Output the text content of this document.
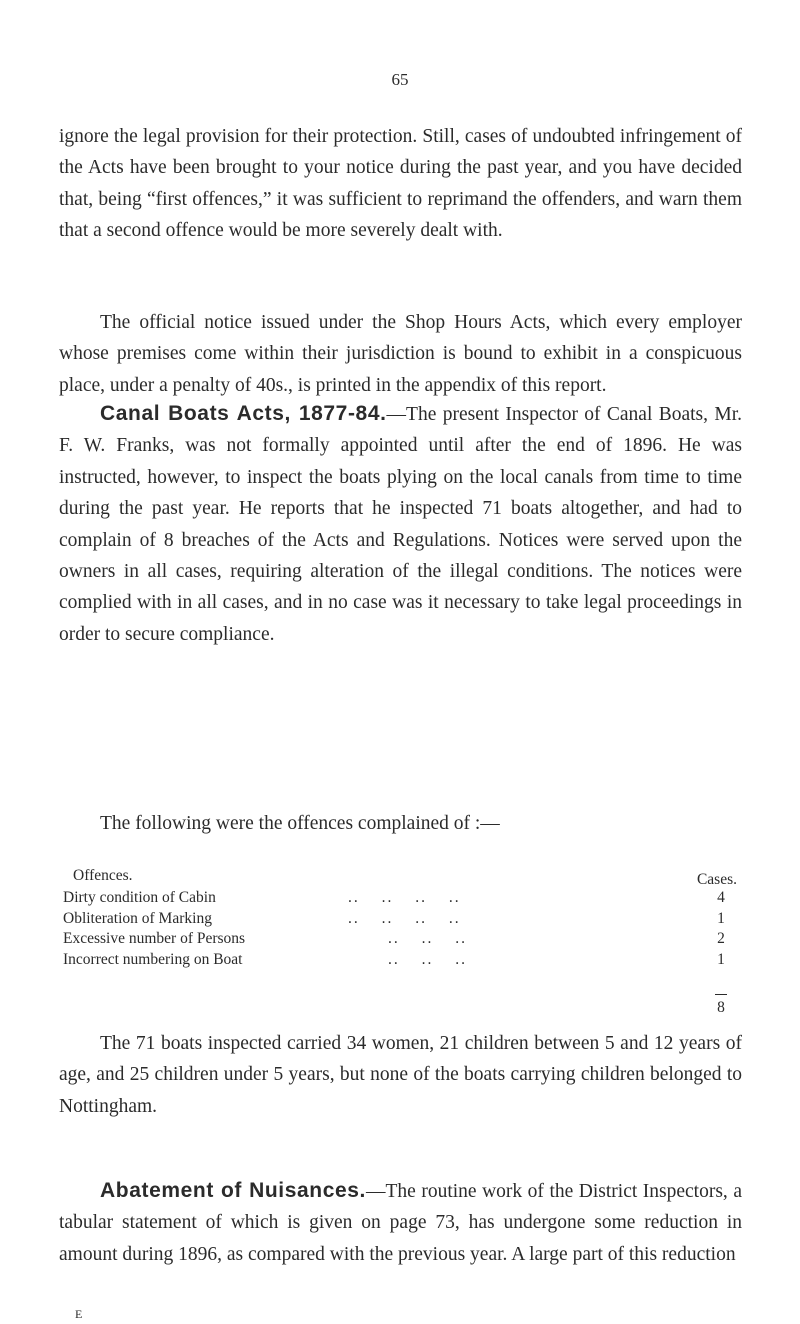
65

ignore the legal provision for their protection. Still, cases of undoubted infringement of the Acts have been brought to your notice during the past year, and you have decided that, being “first offences,” it was sufficient to reprimand the offenders, and warn them that a second offence would be more severely dealt with.

The official notice issued under the Shop Hours Acts, which every employer whose premises come within their jurisdiction is bound to exhibit in a conspicuous place, under a penalty of 40s., is printed in the appendix of this report.

Canal Boats Acts, 1877-84.—The present Inspector of Canal Boats, Mr. F. W. Franks, was not formally appointed until after the end of 1896. He was instructed, however, to inspect the boats plying on the local canals from time to time during the past year. He reports that he inspected 71 boats altogether, and had to complain of 8 breaches of the Acts and Regulations. Notices were served upon the owners in all cases, requiring alteration of the illegal conditions. The notices were complied with in all cases, and in no case was it necessary to take legal proceedings in order to secure compliance.

The following were the offences complained of :—

Offences.	Cases.
Dirty condition of Cabin	.. .. .. ..	4
Obliteration of Marking	.. .. .. ..	1
Excessive number of Persons	.. .. ..	2
Incorrect numbering on Boat	.. .. ..	1
8

The 71 boats inspected carried 34 women, 21 children between 5 and 12 years of age, and 25 children under 5 years, but none of the boats carrying children belonged to Nottingham.

Abatement of Nuisances.—The routine work of the District Inspectors, a tabular statement of which is given on page 73, has undergone some reduction in amount during 1896, as compared with the previous year. A large part of this reduction

E
